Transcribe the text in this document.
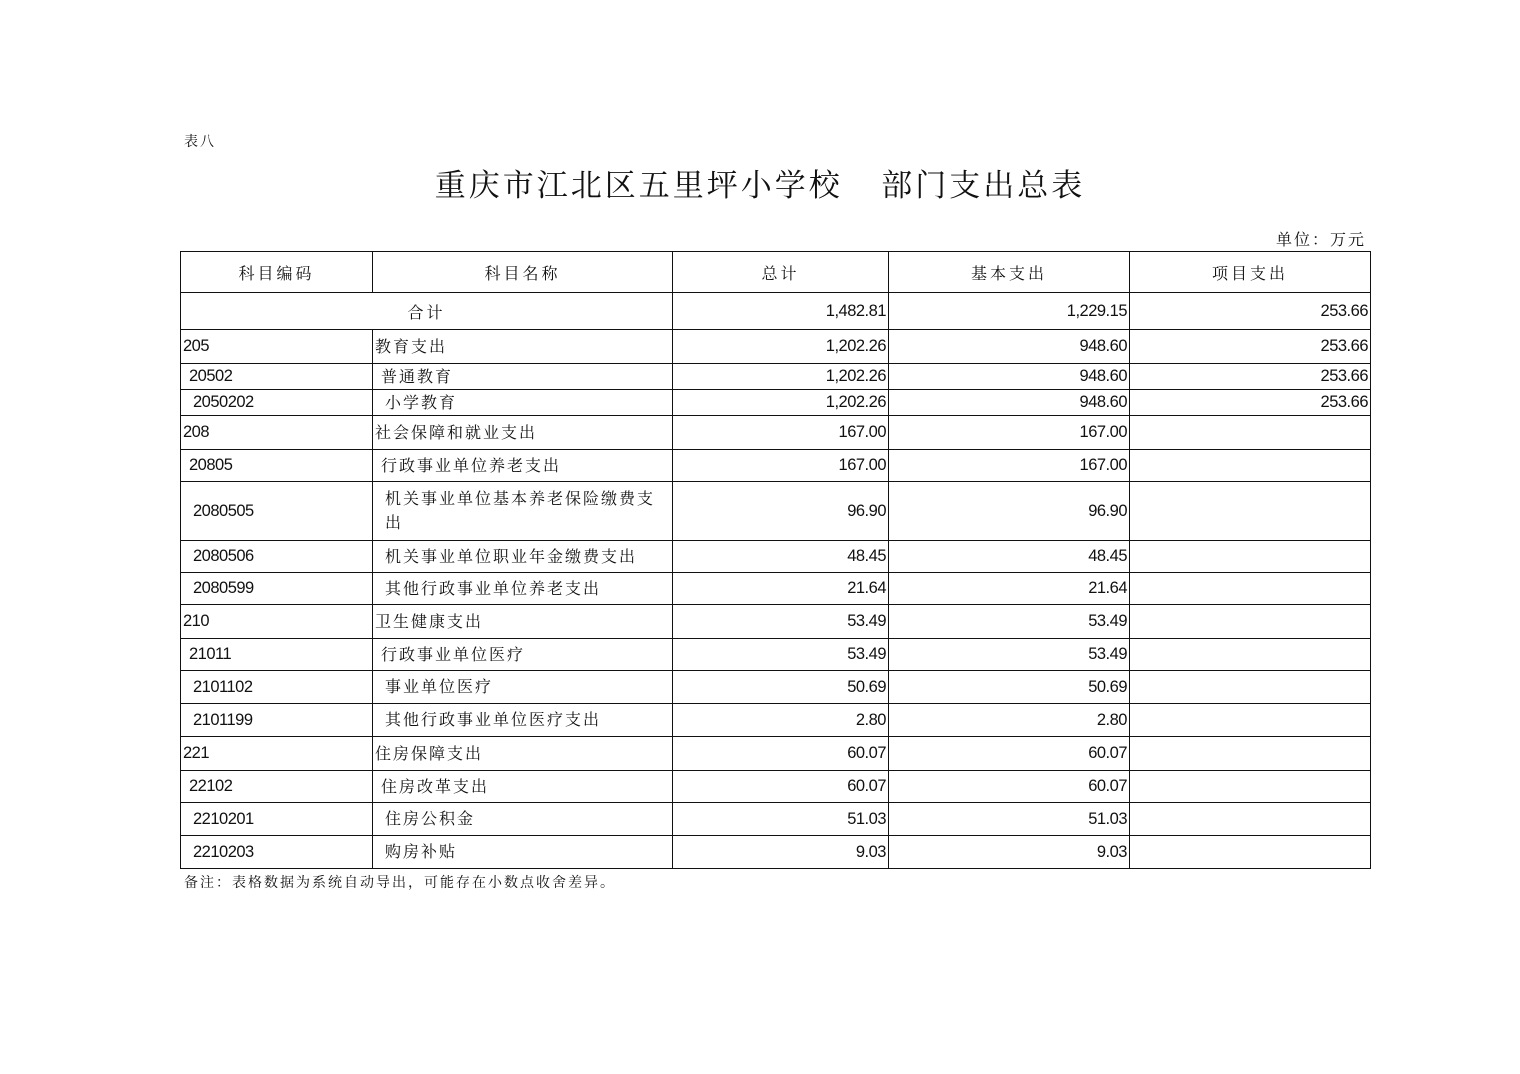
表八
重庆市江北区五里坪小学校   部门支出总表
单位：万元
科目编码	科目名称	总计	基本支出	项目支出
合计		1,482.81	1,229.15	253.66
205	教育支出	1,202.26	948.60	253.66
20502	普通教育	1,202.26	948.60	253.66
2050202	小学教育	1,202.26	948.60	253.66
208	社会保障和就业支出	167.00	167.00	
20805	行政事业单位养老支出	167.00	167.00	
2080505	机关事业单位基本养老保险缴费支出	96.90	96.90	
2080506	机关事业单位职业年金缴费支出	48.45	48.45	
2080599	其他行政事业单位养老支出	21.64	21.64	
210	卫生健康支出	53.49	53.49	
21011	行政事业单位医疗	53.49	53.49	
2101102	事业单位医疗	50.69	50.69	
2101199	其他行政事业单位医疗支出	2.80	2.80	
221	住房保障支出	60.07	60.07	
22102	住房改革支出	60.07	60.07	
2210201	住房公积金	51.03	51.03	
2210203	购房补贴	9.03	9.03	
备注：表格数据为系统自动导出，可能存在小数点收舍差异。
